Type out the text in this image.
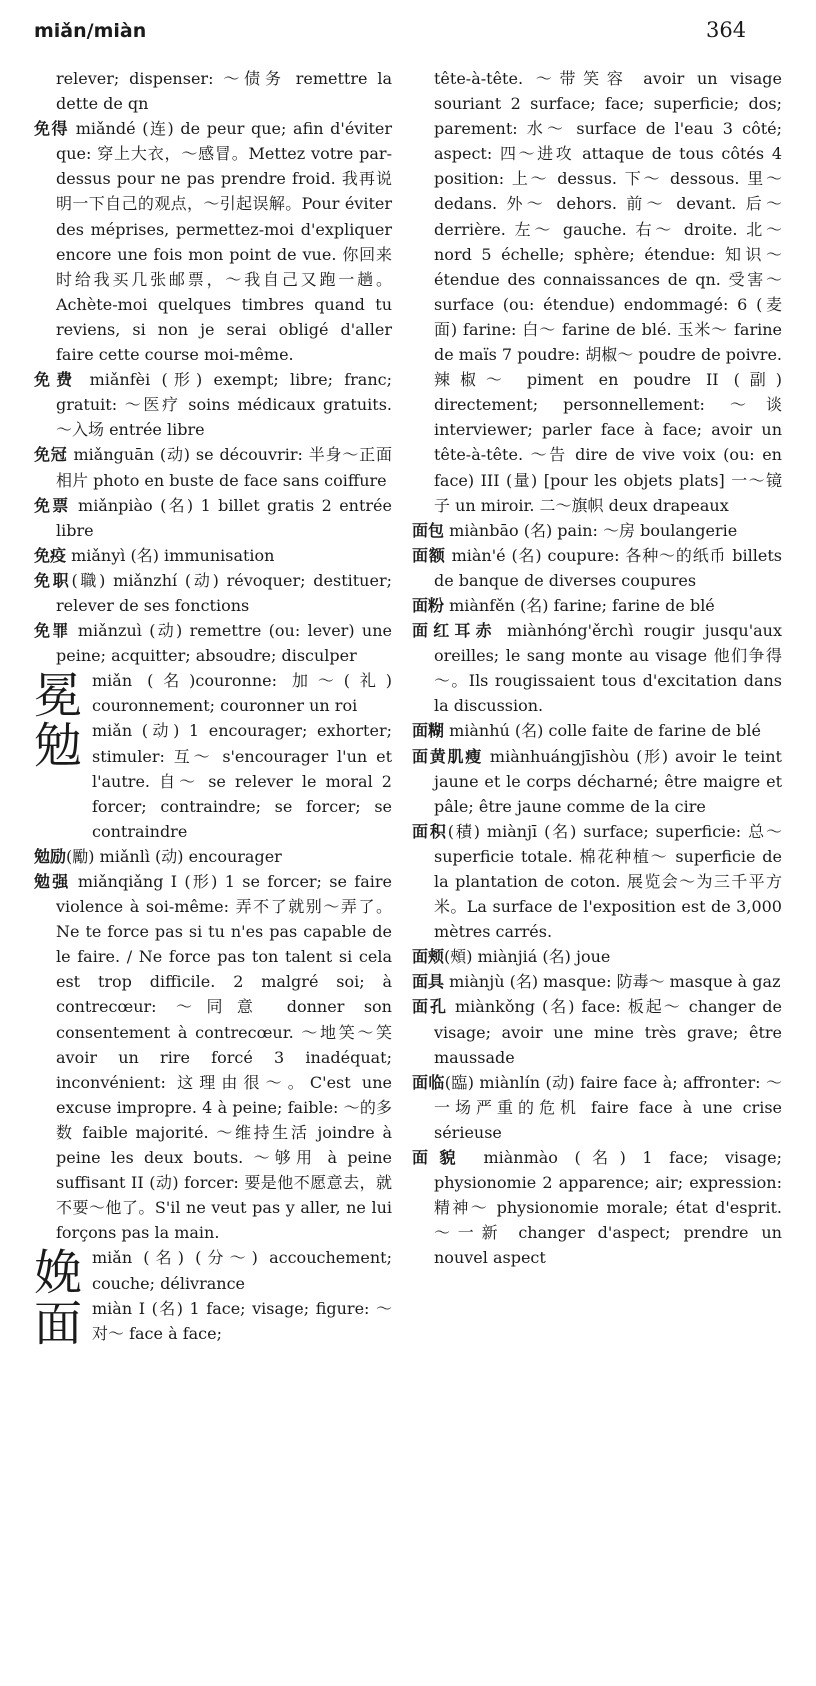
miǎn/miàn	364

relever; dispenser: ～债务 remettre la dette de qn

免得 miǎndé (连) de peur que; afin d'éviter que: 穿上大衣，～感冒。Mettez votre par-dessus pour ne pas prendre froid. 我再说明一下自己的观点，～引起误解。Pour éviter des méprises, permettez-moi d'expliquer encore une fois mon point de vue. 你回来时给我买几张邮票，～我自己又跑一趟。Achète-moi quelques timbres quand tu reviens, si non je serai obligé d'aller faire cette course moi-même.

免费 miǎnfèi (形) exempt; libre; franc; gratuit: ～医疗 soins médicaux gratuits. ～入场 entrée libre

免冠 miǎnguān (动) se découvrir: 半身～正面相片 photo en buste de face sans coiffure

免票 miǎnpiào (名) 1 billet gratis 2 entrée libre

免疫 miǎnyì (名) immunisation

免职(職) miǎnzhí (动) révoquer; destituer; relever de ses fonctions

免罪 miǎnzuì (动) remettre (ou: lever) une peine; acquitter; absoudre; disculper

冕 miǎn (名)couronne: 加～(礼) couronnement; couronner un roi

勉 miǎn (动) 1 encourager; exhorter; stimuler: 互～ s'encourager l'un et l'autre. 自～ se relever le moral 2 forcer; contraindre; se forcer; se contraindre

勉励(勵) miǎnlì (动) encourager

勉强 miǎnqiǎng I (形) 1 se forcer; se faire violence à soi-même: 弄不了就别～弄了。Ne te force pas si tu n'es pas capable de le faire. / Ne force pas ton talent si cela est trop difficile. 2 malgré soi; à contrecœur: ～同意 donner son consentement à contrecœur. ～地笑～笑 avoir un rire forcé 3 inadéquat; inconvénient: 这理由很～。C'est une excuse impropre. 4 à peine; faible: ～的多数 faible majorité. ～维持生活 joindre à peine les deux bouts. ～够用 à peine suffisant II (动) forcer: 要是他不愿意去，就不要～他了。S'il ne veut pas y aller, ne lui forçons pas la main.

娩 miǎn (名) (分～) accouchement; couche; délivrance

面 miàn I (名) 1 face; visage; figure: ～对～ face à face;

tête-à-tête. ～带笑容 avoir un visage souriant 2 surface; face; superficie; dos; parement: 水～ surface de l'eau 3 côté; aspect: 四～进攻 attaque de tous côtés 4 position: 上～ dessus. 下～ dessous. 里～ dedans. 外～ dehors. 前～ devant. 后～ derrière. 左～ gauche. 右～ droite. 北～ nord 5 échelle; sphère; étendue: 知识～ étendue des connaissances de qn. 受害～ surface (ou: étendue) endommagé: 6 (麦面) farine: 白～ farine de blé. 玉米～ farine de maïs 7 poudre: 胡椒～ poudre de poivre. 辣椒～ piment en poudre II (副) directement; personnellement: ～谈 interviewer; parler face à face; avoir un tête-à-tête. ～告 dire de vive voix (ou: en face) III (量) [pour les objets plats] 一～镜子 un miroir. 二～旗帜 deux drapeaux

面包 miànbāo (名) pain: ～房 boulangerie

面额 miàn'é (名) coupure: 各种～的纸币 billets de banque de diverses coupures

面粉 miànfěn (名) farine; farine de blé

面红耳赤 miànhóng'ěrchì rougir jusqu'aux oreilles; le sang monte au visage 他们争得～。Ils rougissaient tous d'excitation dans la discussion.

面糊 miànhú (名) colle faite de farine de blé

面黄肌瘦 miànhuángjīshòu (形) avoir le teint jaune et le corps décharné; être maigre et pâle; être jaune comme de la cire

面积(積) miànjī (名) surface; superficie: 总～ superficie totale. 棉花种植～ superficie de la plantation de coton. 展览会～为三千平方米。La surface de l'exposition est de 3,000 mètres carrés.

面颊(頰) miànjiá (名) joue

面具 miànjù (名) masque: 防毒～ masque à gaz

面孔 miànkǒng (名) face: 板起～ changer de visage; avoir une mine très grave; être maussade

面临(臨) miànlín (动) faire face à; affronter: ～一场严重的危机 faire face à une crise sérieuse

面貌 miànmào (名) 1 face; visage; physionomie 2 apparence; air; expression: 精神～ physionomie morale; état d'esprit. ～一新 changer d'aspect; prendre un nouvel aspect
